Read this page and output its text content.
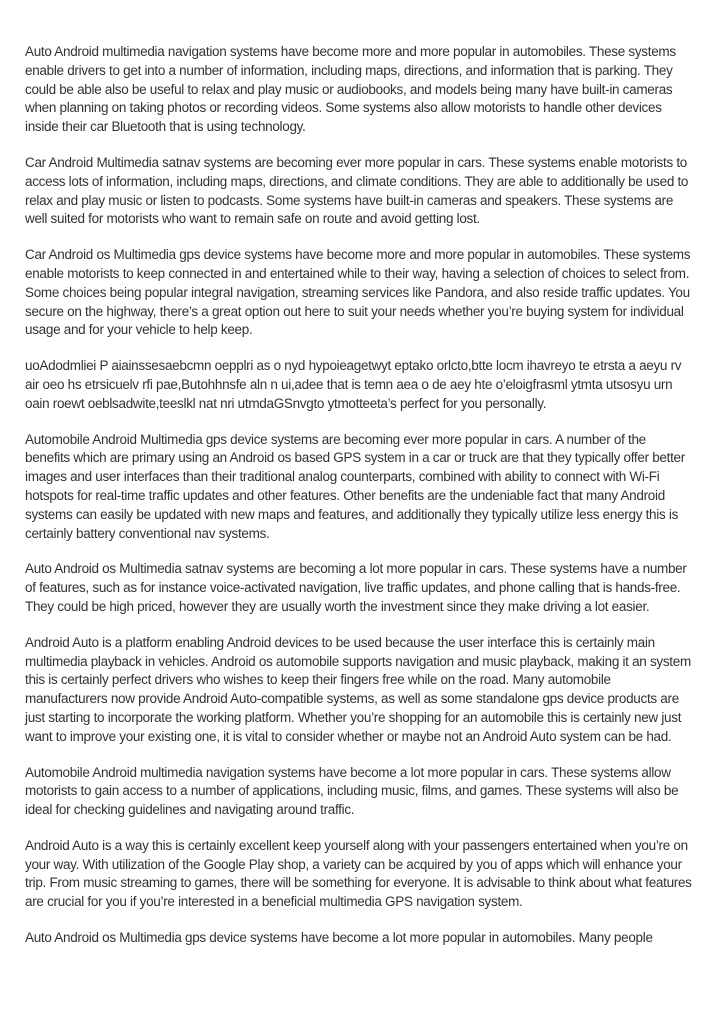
Auto Android multimedia navigation systems have become more and more popular in automobiles. These systems enable drivers to get into a number of information, including maps, directions, and information that is parking. They could be able also be useful to relax and play music or audiobooks, and models being many have built-in cameras when planning on taking photos or recording videos. Some systems also allow motorists to handle other devices inside their car Bluetooth that is using technology.

Car Android Multimedia satnav systems are becoming ever more popular in cars. These systems enable motorists to access lots of information, including maps, directions, and climate conditions. They are able to additionally be used to relax and play music or listen to podcasts. Some systems have built-in cameras and speakers. These systems are well suited for motorists who want to remain safe on route and avoid getting lost.

Car Android os Multimedia gps device systems have become more and more popular in automobiles. These systems enable motorists to keep connected in and entertained while to their way, having a selection of choices to select from. Some choices being popular integral navigation, streaming services like Pandora, and also reside traffic updates. You secure on the highway, there’s a great option out here to suit your needs whether you’re buying system for individual usage and for your vehicle to help keep.

uoAdodmliei P aiainssesaebcmn oepplri as o nyd hypoieagetwyt eptako orlcto,btte locm ihavreyo te etrsta a aeyu rv air oeo hs etrsicuelv rfi pae,Butohhnsfe aln n ui,adee that is temn aea o de aey hte o’eloigfrasml ytmta utsosyu urn oain roewt oeblsadwite,teeslkl nat nri utmdaGSnvgto ytmotteeta’s perfect for you personally.

Automobile Android Multimedia gps device systems are becoming ever more popular in cars. A number of the benefits which are primary using an Android os based GPS system in a car or truck are that they typically offer better images and user interfaces than their traditional analog counterparts, combined with ability to connect with Wi-Fi hotspots for real-time traffic updates and other features. Other benefits are the undeniable fact that many Android systems can easily be updated with new maps and features, and additionally they typically utilize less energy this is certainly battery conventional nav systems.

Auto Android os Multimedia satnav systems are becoming a lot more popular in cars. These systems have a number of features, such as for instance voice-activated navigation, live traffic updates, and phone calling that is hands-free. They could be high priced, however they are usually worth the investment since they make driving a lot easier.

Android Auto is a platform enabling Android devices to be used because the user interface this is certainly main multimedia playback in vehicles. Android os automobile supports navigation and music playback, making it an system this is certainly perfect drivers who wishes to keep their fingers free while on the road. Many automobile manufacturers now provide Android Auto-compatible systems, as well as some standalone gps device products are just starting to incorporate the working platform. Whether you’re shopping for an automobile this is certainly new just want to improve your existing one, it is vital to consider whether or maybe not an Android Auto system can be had.

Automobile Android multimedia navigation systems have become a lot more popular in cars. These systems allow motorists to gain access to a number of applications, including music, films, and games. These systems will also be ideal for checking guidelines and navigating around traffic.

Android Auto is a way this is certainly excellent keep yourself along with your passengers entertained when you’re on your way. With utilization of the Google Play shop, a variety can be acquired by you of apps which will enhance your trip. From music streaming to games, there will be something for everyone. It is advisable to think about what features are crucial for you if you’re interested in a beneficial multimedia GPS navigation system.

Auto Android os Multimedia gps device systems have become a lot more popular in automobiles. Many people
